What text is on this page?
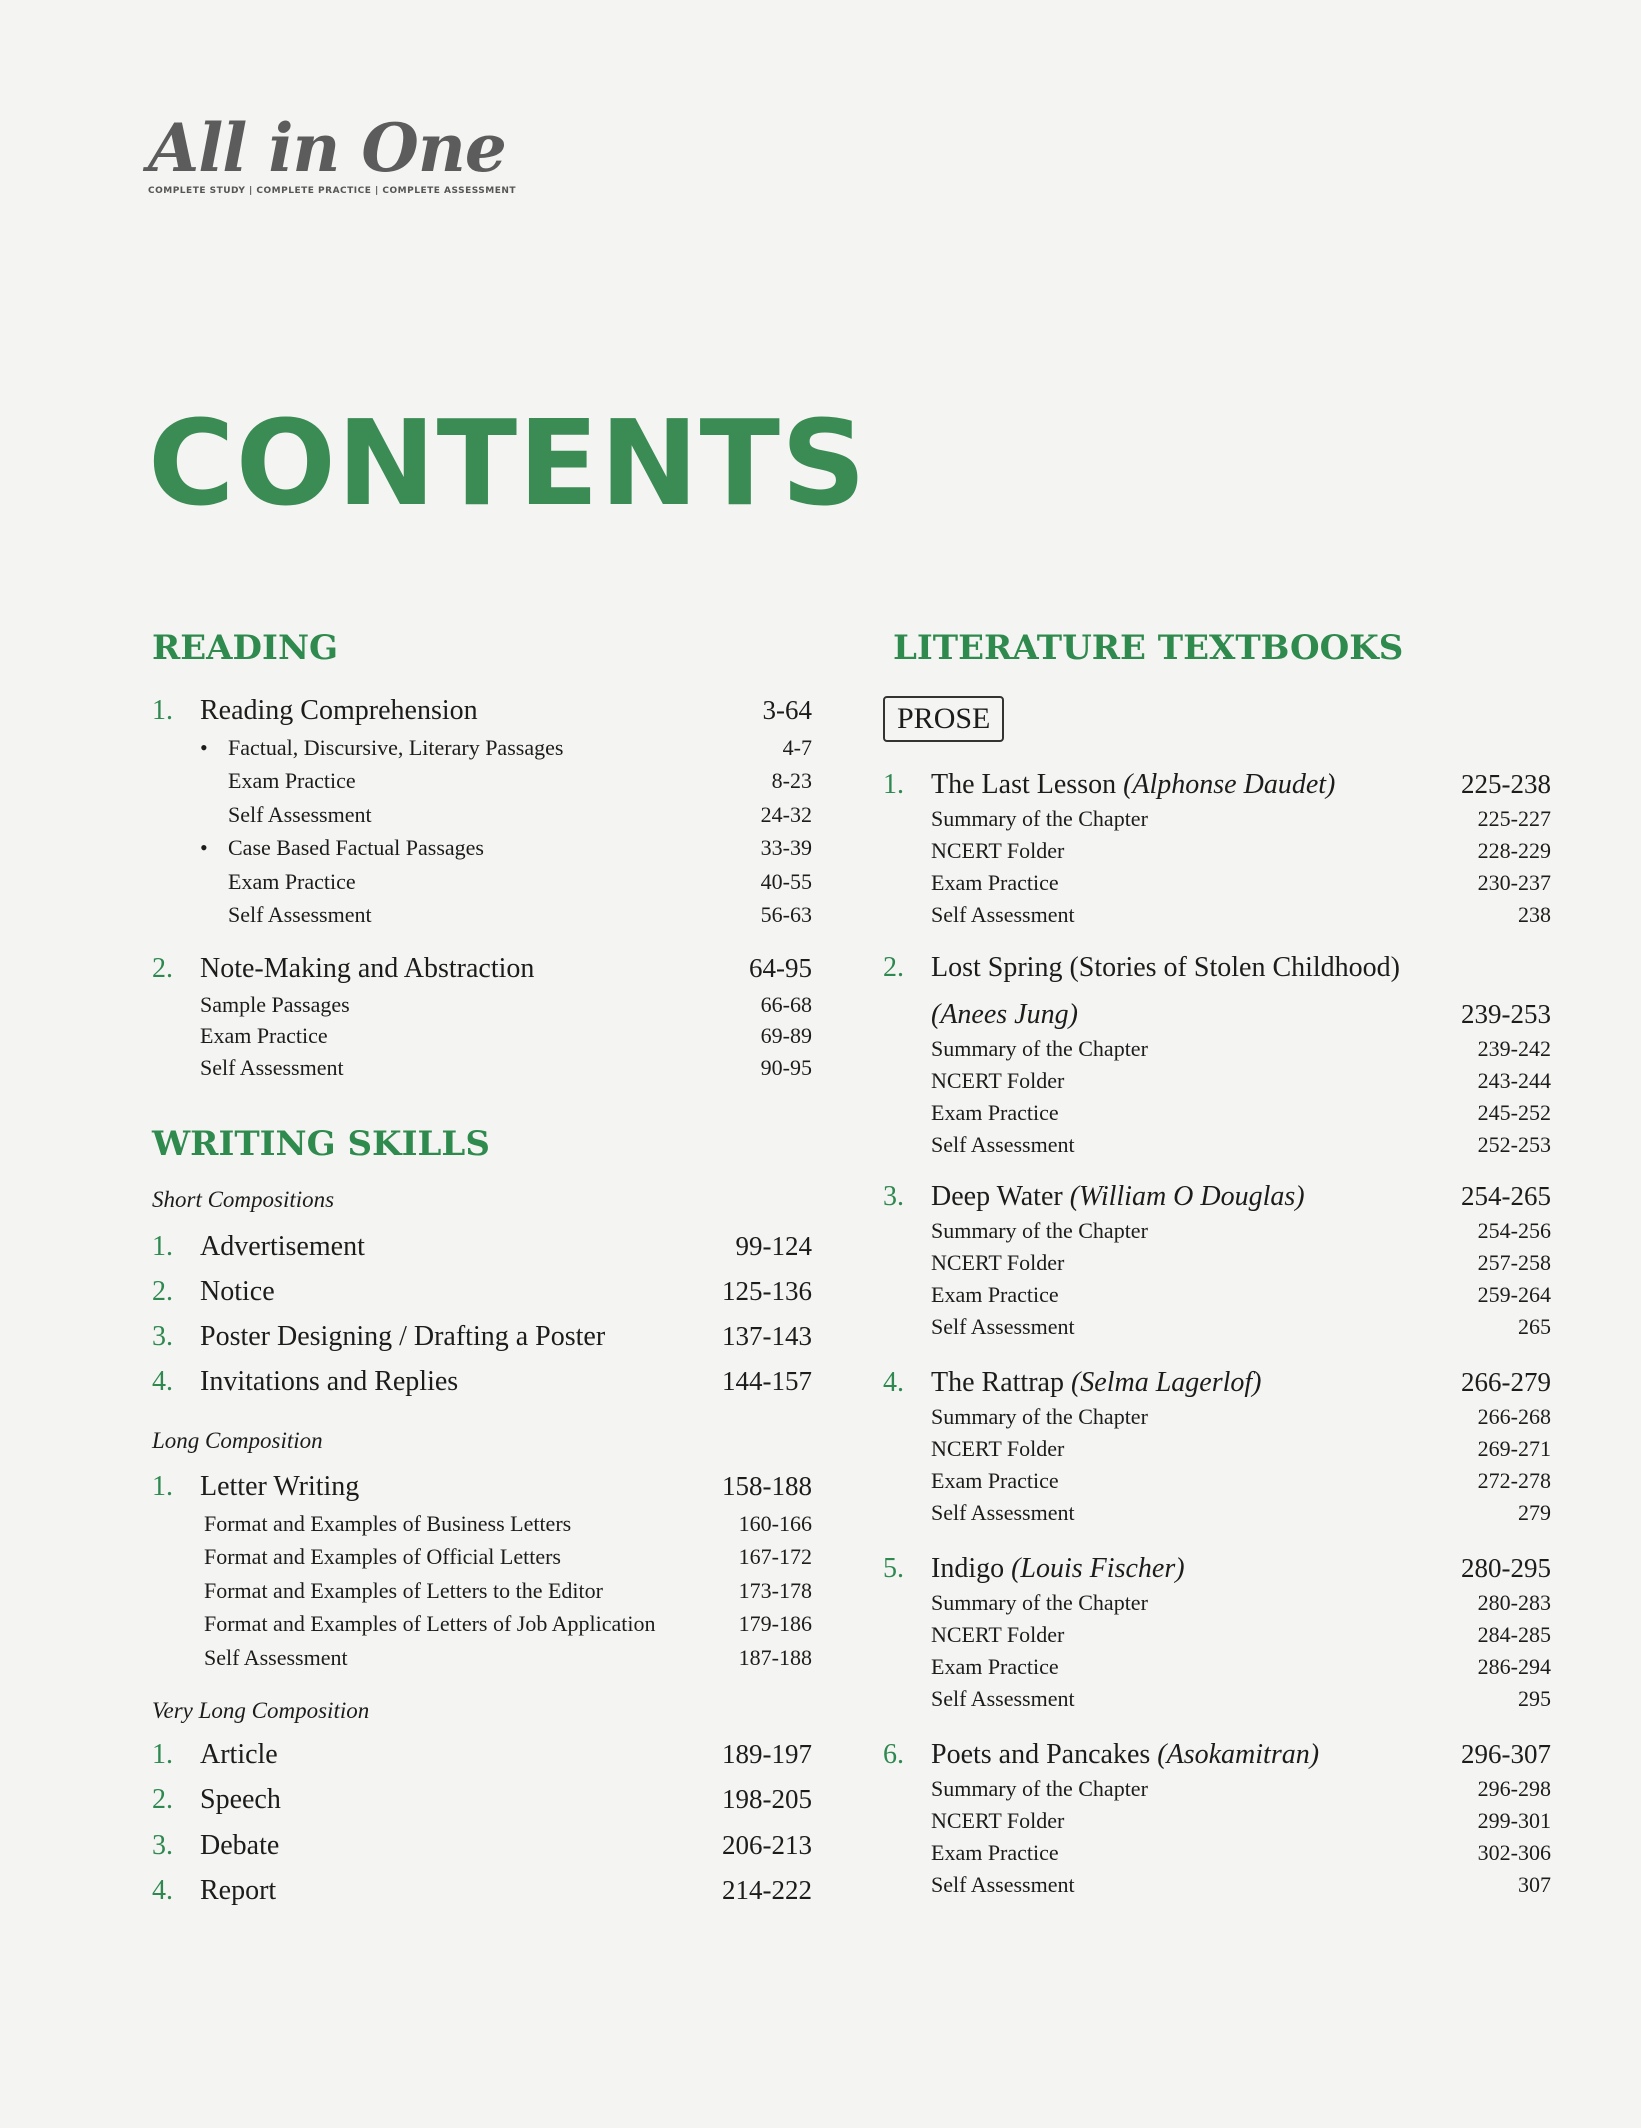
All in One
COMPLETE STUDY | COMPLETE PRACTICE | COMPLETE ASSESSMENT
CONTENTS
READING
1. Reading Comprehension	3-64
• Factual, Discursive, Literary Passages	4-7
Exam Practice	8-23
Self Assessment	24-32
• Case Based Factual Passages	33-39
Exam Practice	40-55
Self Assessment	56-63
2. Note-Making and Abstraction	64-95
Sample Passages	66-68
Exam Practice	69-89
Self Assessment	90-95
WRITING SKILLS
Short Compositions
1. Advertisement	99-124
2. Notice	125-136
3. Poster Designing / Drafting a Poster	137-143
4. Invitations and Replies	144-157
Long Composition
1. Letter Writing	158-188
Format and Examples of Business Letters	160-166
Format and Examples of Official Letters	167-172
Format and Examples of Letters to the Editor	173-178
Format and Examples of Letters of Job Application	179-186
Self Assessment	187-188
Very Long Composition
1. Article	189-197
2. Speech	198-205
3. Debate	206-213
4. Report	214-222
LITERATURE TEXTBOOKS
PROSE
1. The Last Lesson (Alphonse Daudet)	225-238
Summary of the Chapter	225-227
NCERT Folder	228-229
Exam Practice	230-237
Self Assessment	238
2. Lost Spring (Stories of Stolen Childhood)
(Anees Jung)	239-253
Summary of the Chapter	239-242
NCERT Folder	243-244
Exam Practice	245-252
Self Assessment	252-253
3. Deep Water (William O Douglas)	254-265
Summary of the Chapter	254-256
NCERT Folder	257-258
Exam Practice	259-264
Self Assessment	265
4. The Rattrap (Selma Lagerlof)	266-279
Summary of the Chapter	266-268
NCERT Folder	269-271
Exam Practice	272-278
Self Assessment	279
5. Indigo (Louis Fischer)	280-295
Summary of the Chapter	280-283
NCERT Folder	284-285
Exam Practice	286-294
Self Assessment	295
6. Poets and Pancakes (Asokamitran)	296-307
Summary of the Chapter	296-298
NCERT Folder	299-301
Exam Practice	302-306
Self Assessment	307
